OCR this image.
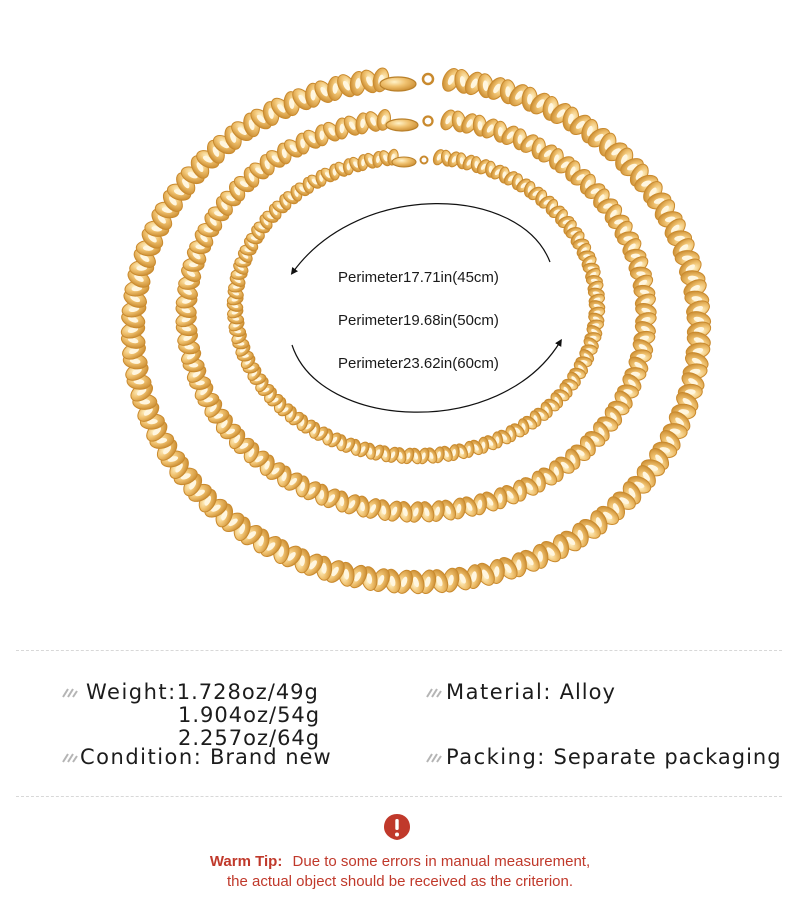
Perimeter17.71in(45cm)
Perimeter19.68in(50cm)
Perimeter23.62in(60cm)
Weight:1.728oz/49g
1.904oz/54g
2.257oz/64g
Material: Alloy
Condition: Brand new	Packing: Separate packaging
Warm Tip: Due to some errors in manual measurement,
the actual object should be received as the criterion.
